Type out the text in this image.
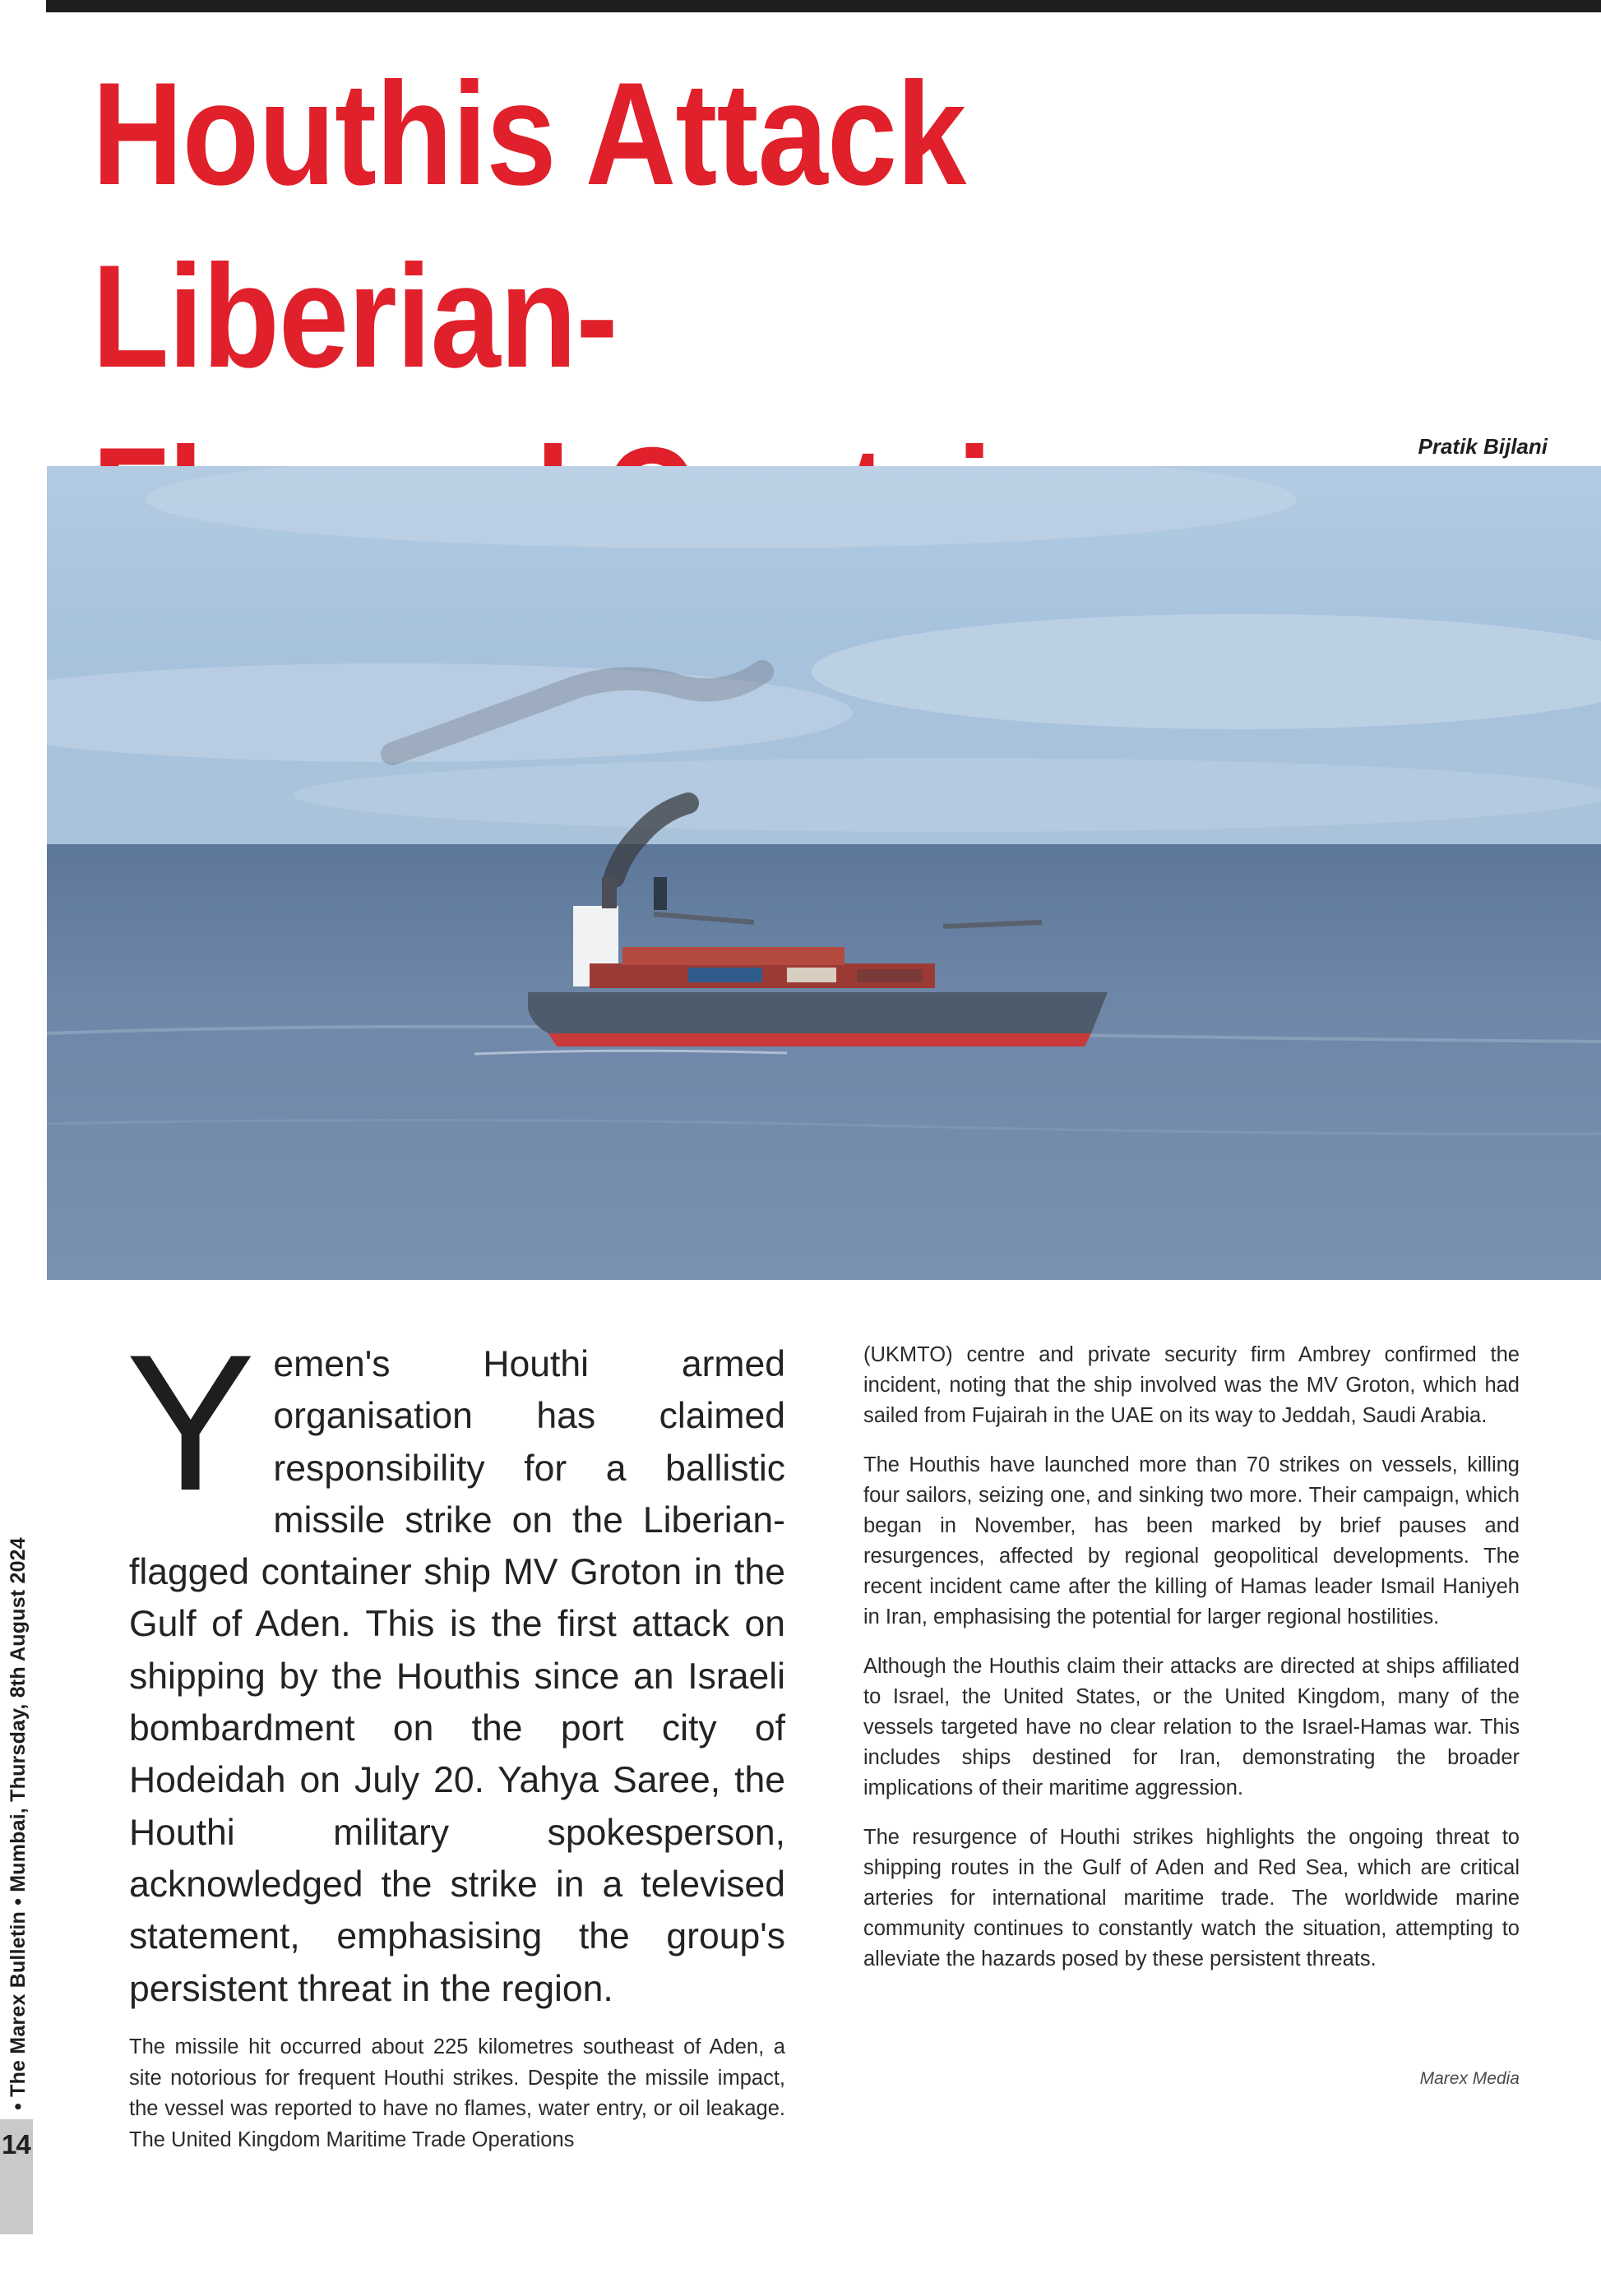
Houthis Attack Liberian-

Pratik Bijlani

Yemen's Houthi armed organisation has claimed responsibility for a ballistic missile strike on the Liberian-flagged container ship MV Groton in the Gulf of Aden. This is the first attack on shipping by the Houthis since an Israeli bombardment on the port city of Hodeidah on July 20. Yahya Saree, the Houthi military spokesperson, acknowledged the strike in a televised statement, emphasising the group's persistent threat in the region.

The missile hit occurred about 225 kilometres southeast of Aden, a site notorious for frequent Houthi strikes. Despite the missile impact, the vessel was reported to have no flames, water entry, or oil leakage. The United Kingdom Maritime Trade Operations

(UKMTO) centre and private security firm Ambrey confirmed the incident, noting that the ship involved was the MV Groton, which had sailed from Fujairah in the UAE on its way to Jeddah, Saudi Arabia.

The Houthis have launched more than 70 strikes on vessels, killing four sailors, seizing one, and sinking two more. Their campaign, which began in November, has been marked by brief pauses and resurgences, affected by regional geopolitical developments. The recent incident came after the killing of Hamas leader Ismail Haniyeh in Iran, emphasising the potential for larger regional hostilities.

Although the Houthis claim their attacks are directed at ships affiliated to Israel, the United States, or the United Kingdom, many of the vessels targeted have no clear relation to the Israel-Hamas war. This includes ships destined for Iran, demonstrating the broader implications of their maritime aggression.

The resurgence of Houthi strikes highlights the ongoing threat to shipping routes in the Gulf of Aden and Red Sea, which are critical arteries for international maritime trade. The worldwide marine community continues to constantly watch the situation, attempting to alleviate the hazards posed by these persistent threats.

Marex Media

• The Marex Bulletin • Mumbai, Thursday, 8th August 2024

14
